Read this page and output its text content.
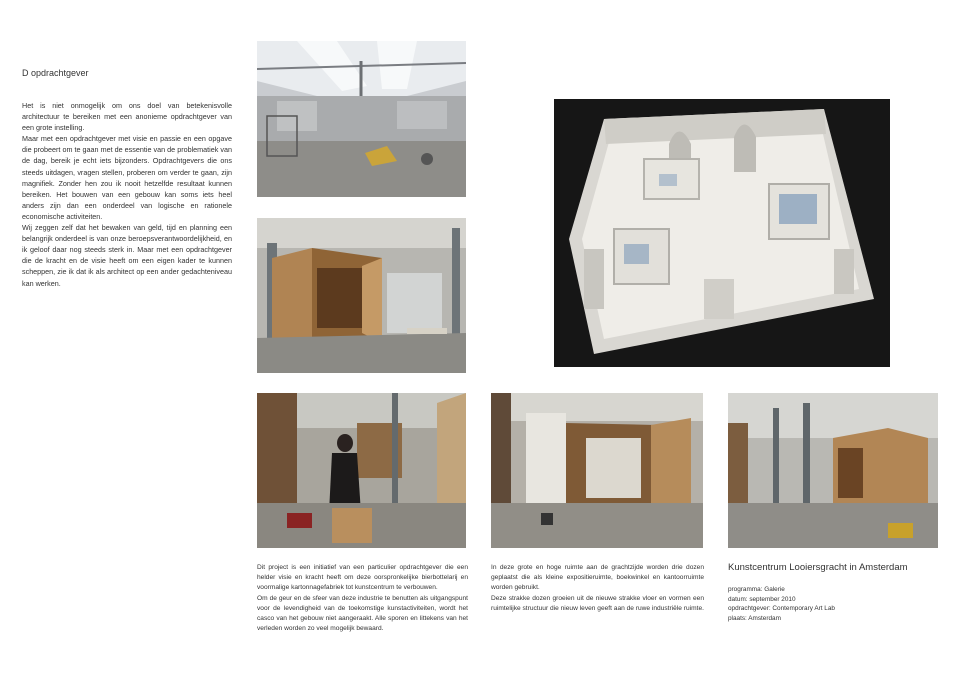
D opdrachtgever

Het is niet onmogelijk om ons doel van betekenisvolle architectuur te bereiken met een anonieme opdrachtgever van een grote instelling.

Maar met een opdrachtgever met visie en passie en een opgave die probeert om te gaan met de essentie van de problematiek van de dag, bereik je echt iets bijzonders. Opdrachtgevers die ons steeds uitdagen, vragen stellen, proberen om verder te gaan, zijn magnifiek. Zonder hen zou ik nooit hetzelfde resultaat kunnen bereiken. Het bouwen van een gebouw kan soms iets heel anders zijn dan een onderdeel van logische en rationele economische activiteiten.

Wij zeggen zelf dat het bewaken van geld, tijd en planning een belangrijk onderdeel is van onze beroepsverantwoordelijkheid, en ik geloof daar nog steeds sterk in. Maar met een opdrachtgever die de kracht en de visie heeft om een eigen kader te kunnen scheppen, zie ik dat ik als architect op een ander gedachteniveau kan werken.

Dit project is een initiatief van een particulier opdrachtgever die een helder visie en kracht heeft om deze oorspronkelijke bierbottelarij en voormalige kartonnagefabriek tot kunstcentrum te verbouwen.

Om de geur en de sfeer van deze industrie te benutten als uitgangspunt voor de levendigheid van de toekomstige kunstactiviteiten, wordt het casco van het gebouw niet aangeraakt. Alle sporen en littekens van het verleden worden zo veel mogelijk bewaard.

In deze grote en hoge ruimte aan de grachtzijde worden drie dozen geplaatst die als kleine expositieruimte, boekwinkel en kantoorruimte worden gebruikt.

Deze strakke dozen groeien uit de nieuwe strakke vloer en vormen een ruimtelijke structuur die nieuw leven geeft aan de ruwe industriële ruimte.

Kunstcentrum Looiersgracht in Amsterdam
programma: Galerie
datum: september 2010
opdrachtgever: Contemporary Art Lab
plaats: Amsterdam
